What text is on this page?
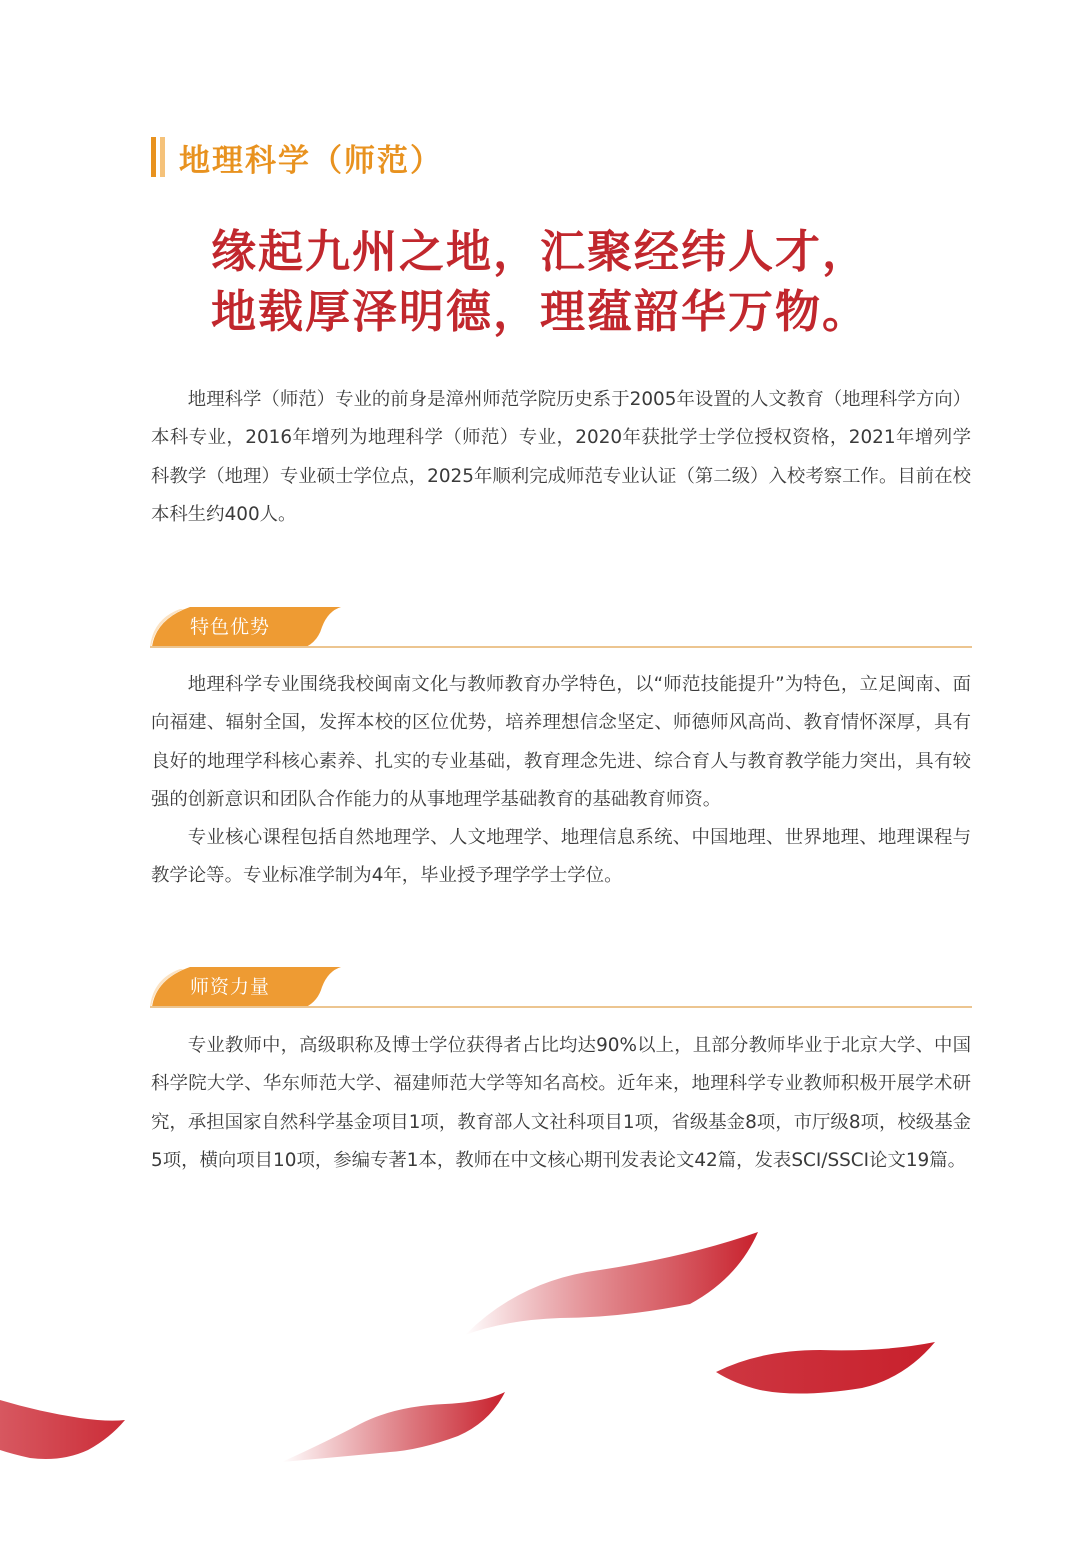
地理科学（师范）
缘起九州之地，汇聚经纬人才，
地载厚泽明德，理蕴韶华万物。

地理科学（师范）专业的前身是漳州师范学院历史系于2005年设置的人文教育（地理科学方向）本科专业，2016年增列为地理科学（师范）专业，2020年获批学士学位授权资格，2021年增列学科教学（地理）专业硕士学位点，2025年顺利完成师范专业认证（第二级）入校考察工作。目前在校本科生约400人。

特色优势

地理科学专业围绕我校闽南文化与教师教育办学特色，以“师范技能提升”为特色，立足闽南、面向福建、辐射全国，发挥本校的区位优势，培养理想信念坚定、师德师风高尚、教育情怀深厚，具有良好的地理学科核心素养、扎实的专业基础，教育理念先进、综合育人与教育教学能力突出，具有较强的创新意识和团队合作能力的从事地理学基础教育的基础教育师资。

专业核心课程包括自然地理学、人文地理学、地理信息系统、中国地理、世界地理、地理课程与教学论等。专业标准学制为4年，毕业授予理学学士学位。

师资力量

专业教师中，高级职称及博士学位获得者占比均达90%以上，且部分教师毕业于北京大学、中国科学院大学、华东师范大学、福建师范大学等知名高校。近年来，地理科学专业教师积极开展学术研究，承担国家自然科学基金项目1项，教育部人文社科项目1项，省级基金8项，市厅级8项，校级基金5项，横向项目10项，参编专著1本，教师在中文核心期刊发表论文42篇，发表SCI/SSCI论文19篇。
